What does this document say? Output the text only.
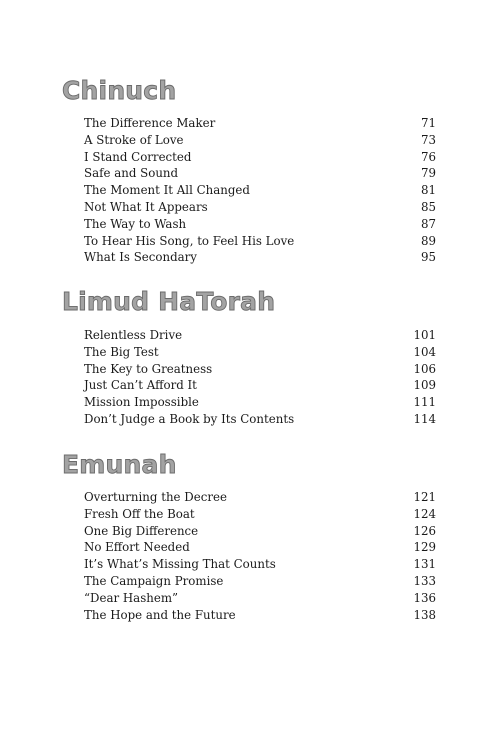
Chinuch
The Difference Maker	71
A Stroke of Love	73
I Stand Corrected	76
Safe and Sound	79
The Moment It All Changed	81
Not What It Appears	85
The Way to Wash	87
To Hear His Song, to Feel His Love	89
What Is Secondary	95
Limud HaTorah
Relentless Drive	101
The Big Test	104
The Key to Greatness	106
Just Can’t Afford It	109
Mission Impossible	111
Don’t Judge a Book by Its Contents	114
Emunah
Overturning the Decree	121
Fresh Off the Boat	124
One Big Difference	126
No Effort Needed	129
It’s What’s Missing That Counts	131
The Campaign Promise	133
“Dear Hashem”	136
The Hope and the Future	138
